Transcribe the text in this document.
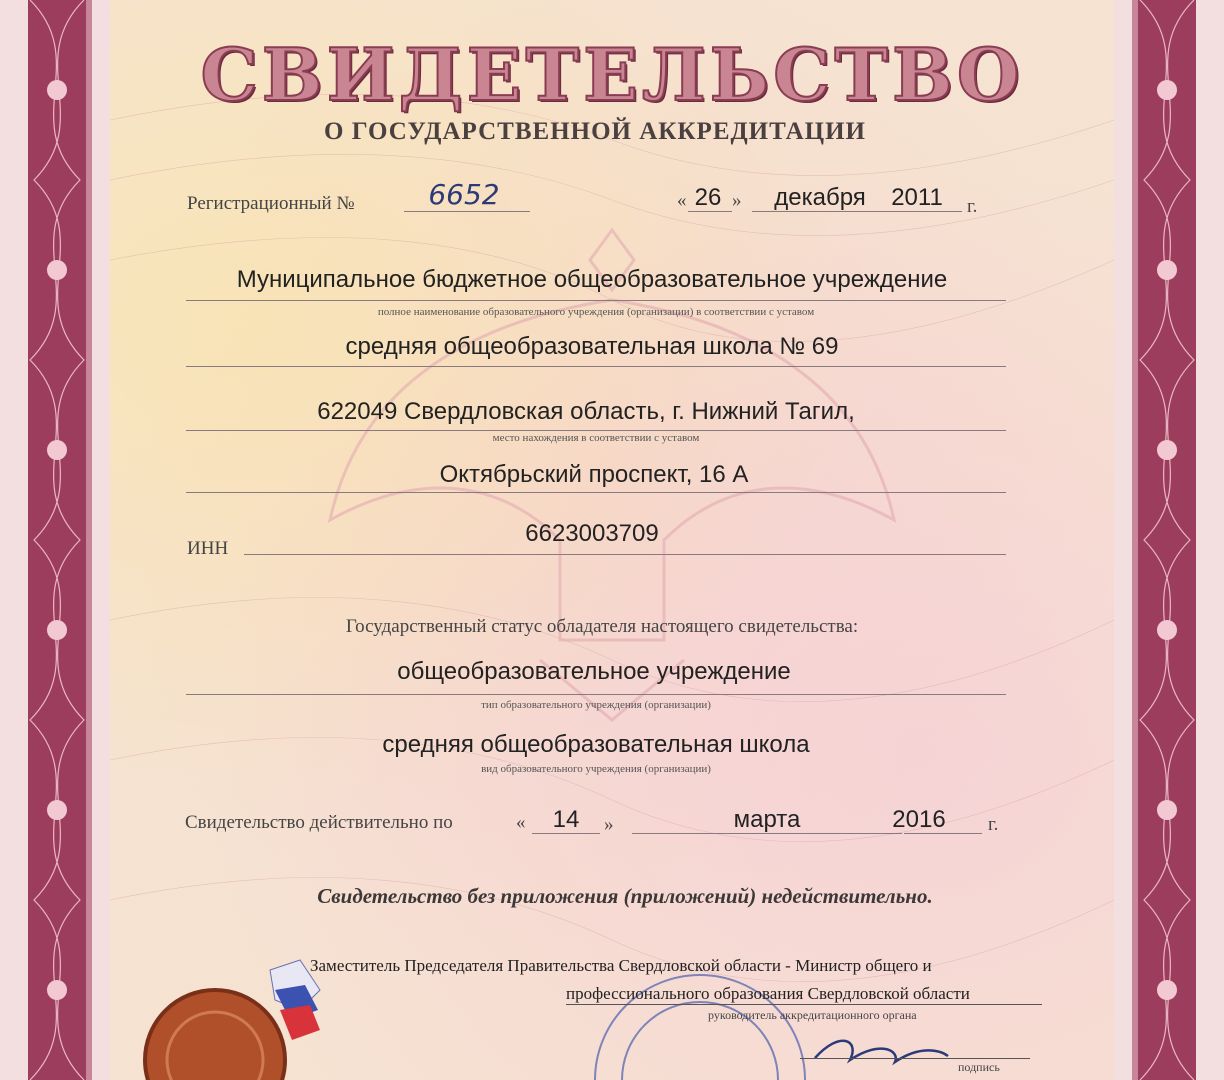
СВИДЕТЕЛЬСТВО
О ГОСУДАРСТВЕННОЙ АККРЕДИТАЦИИ
Регистрационный №	6652	« 26 »	декабря	2011	г.
Муниципальное бюджетное общеобразовательное учреждение
полное наименование образовательного учреждения (организации) в соответствии с уставом
средняя общеобразовательная школа № 69
622049 Свердловская область, г. Нижний Тагил,
место нахождения в соответствии с уставом
Октябрьский проспект, 16 А
ИНН
6623003709
Государственный статус обладателя настоящего свидетельства:
общеобразовательное учреждение
тип образовательного учреждения (организации)
средняя общеобразовательная школа
вид образовательного учреждения (организации)
Свидетельство действительно по	«	14	»	марта	2016	г.
Свидетельство без приложения (приложений) недействительно.
Заместитель Председателя Правительства Свердловской области - Министр общего и
профессионального образования Свердловской области
руководитель аккредитационного органа
подпись
